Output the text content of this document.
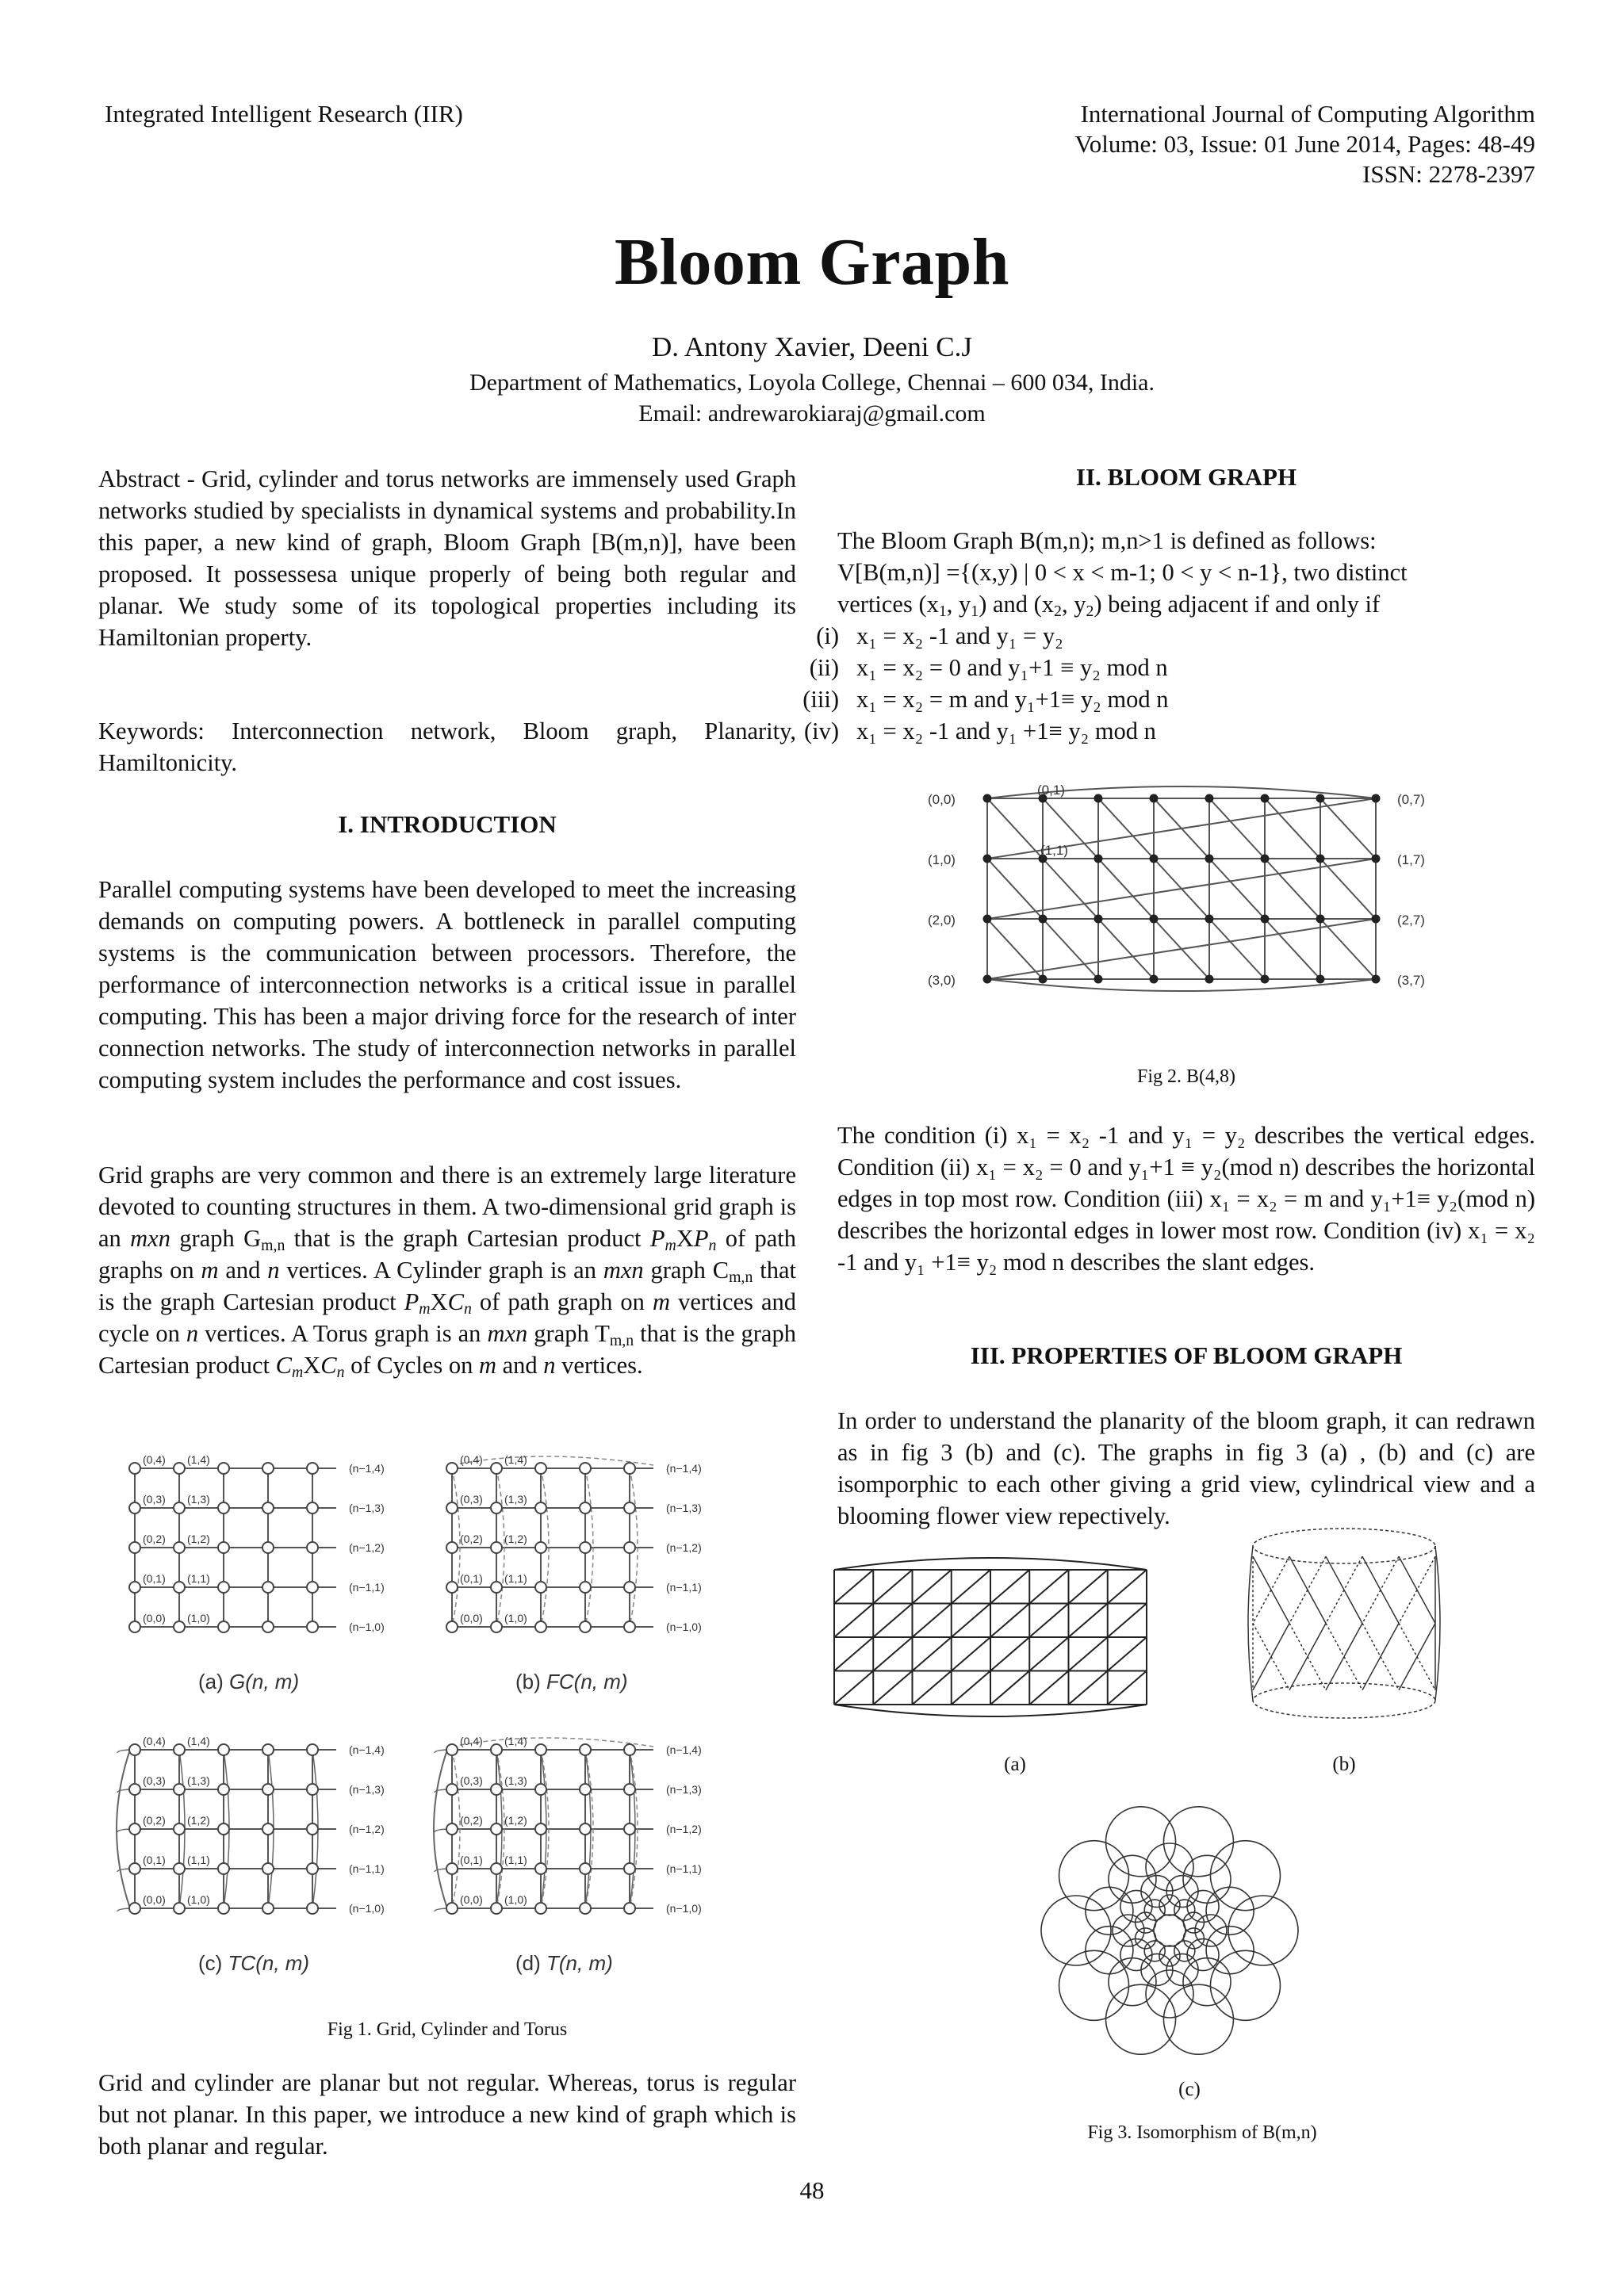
Integrated Intelligent Research (IIR)	International Journal of Computing Algorithm
Volume: 03, Issue: 01 June 2014, Pages: 48-49
ISSN: 2278-2397
Bloom Graph
D. Antony Xavier, Deeni C.J
Department of Mathematics, Loyola College, Chennai – 600 034, India.
Email: andrewarokiaraj@gmail.com
Abstract - Grid, cylinder and torus networks are immensely used Graph networks studied by specialists in dynamical systems and probability.In this paper, a new kind of graph, Bloom Graph [B(m,n)], have been proposed. It possessesa unique properly of being both regular and planar. We study some of its topological properties including its Hamiltonian property.
Keywords: Interconnection network, Bloom graph, Planarity, Hamiltonicity.
I. INTRODUCTION
Parallel computing systems have been developed to meet the increasing demands on computing powers. A bottleneck in parallel computing systems is the communication between processors. Therefore, the performance of interconnection networks is a critical issue in parallel computing. This has been a major driving force for the research of inter connection networks. The study of interconnection networks in parallel computing system includes the performance and cost issues.
Grid graphs are very common and there is an extremely large literature devoted to counting structures in them. A two-dimensional grid graph is an mxn graph $G_{m,n}$ that is the graph Cartesian product $P_mXP_n$ of path graphs on m and n vertices. A Cylinder graph is an mxn graph $C_{m,n}$ that is the graph Cartesian product $P_mXC_n$ of path graph on m vertices and cycle on n vertices. A Torus graph is an mxn graph $T_{m,n}$ that is the graph Cartesian product $C_mXC_n$ of Cycles on m and n vertices.
(0,4) (1,4)
(n−1,4)
(0,3) (1,3)
(n−1,3)
(0,2) (1,2)
(n−1,2)
(0,1) (1,1)
(n−1,1)
(0,0) (1,0)
(n−1,0)
(a) G(n, m)
(0,4) (1,4)
(n−1,4)
(0,3) (1,3)
(n−1,3)
(0,2) (1,2)
(n−1,2)
(0,1) (1,1)
(n−1,1)
(0,0) (1,0)
(n−1,0)
(b) FC(n, m)
(0,4) (1,4)
(n−1,4)
(0,3) (1,3)
(n−1,3)
(0,2) (1,2)
(n−1,2)
(0,1) (1,1)
(n−1,1)
(0,0) (1,0)
(n−1,0)
(c) TC(n, m)
(0,4) (1,4)
(n−1,4)
(0,3) (1,3)
(n−1,3)
(0,2) (1,2)
(n−1,2)
(0,1) (1,1)
(n−1,1)
(0,0) (1,0)
(n−1,0)
(d) T(n, m)
Fig 1. Grid, Cylinder and Torus
Grid and cylinder are planar but not regular. Whereas, torus is regular but not planar. In this paper, we introduce a new kind of graph which is both planar and regular.
II. BLOOM GRAPH
The Bloom Graph B(m,n); m,n>1 is defined as follows:
V[B(m,n)] ={(x,y) | 0 < x < m-1; 0 < y < n-1}, two distinct
vertices ($x_1$, $y_1$) and ($x_2$, $y_2$) being adjacent if and only if
(i) x₁ = x₂ -1 and y₁ = y₂
(ii) x₁ = x₂ = 0 and y₁+1 ≡ y₂ mod n
(iii) x₁ = x₂ = m and y₁+1≡ y₂ mod n
(iv) x₁ = x₂ -1 and y₁ +1≡ y₂ mod n
(0,0)
(1,0)
(2,0)
(3,0)
(0,7)
(1,7)
(2,7)
(3,7)
(0,1)
(1,1)
Fig 2. B(4,8)
The condition (i) x₁ = x₂ -1 and y₁ = y₂ describes the vertical edges. Condition (ii) x₁ = x₂ = 0 and y₁+1 ≡ y₂(mod n) describes the horizontal edges in top most row. Condition (iii) x₁ = x₂ = m and y₁+1≡ y₂(mod n) describes the horizontal edges in lower most row. Condition (iv) x₁ = x₂ -1 and y₁ +1≡ y₂ mod n describes the slant edges.
III. PROPERTIES OF BLOOM GRAPH
In order to understand the planarity of the bloom graph, it can redrawn as in fig 3 (b) and (c). The graphs in fig 3 (a) , (b) and (c) are isomporphic to each other giving a grid view, cylindrical view and a blooming flower view repectively.
(a)	(b)
(c)
Fig 3. Isomorphism of B(m,n)
48
